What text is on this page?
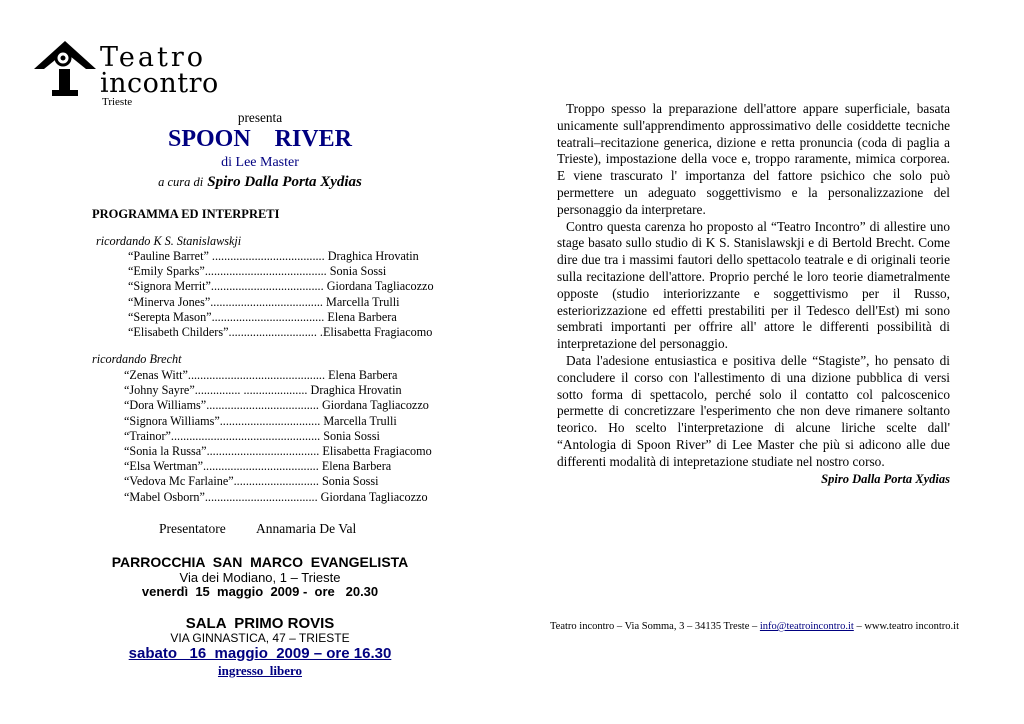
Teatro
incontro
Trieste
presenta
SPOON    RIVER
di Lee Master
a cura di Spiro Dalla Porta Xydias
PROGRAMMA ED INTERPRETI
ricordando K S. Stanislawskji
“Pauline Barret” ..................................... Draghica Hrovatin
“Emily Sparks”........................................ Sonia Sossi
“Signora Merrit”..................................... Giordana Tagliacozzo
“Minerva Jones”..................................... Marcella Trulli
“Serepta Mason”..................................... Elena Barbera
“Elisabeth Childers”............................. .Elisabetta Fragiacomo
ricordando Brecht
“Zenas Witt”............................................. Elena Barbera
“Johny Sayre”............... ..................... Draghica Hrovatin
“Dora Williams”..................................... Giordana Tagliacozzo
“Signora Williams”................................. Marcella Trulli
“Trainor”................................................. Sonia Sossi
“Sonia la Russa”..................................... Elisabetta Fragiacomo
“Elsa Wertman”...................................... Elena Barbera
“Vedova Mc Farlaine”............................ Sonia Sossi
“Mabel Osborn”..................................... Giordana Tagliacozzo
Presentatore Annamaria De Val
PARROCCHIA  SAN  MARCO  EVANGELISTA
Via dei Modiano, 1 – Trieste
venerdì  15  maggio  2009 -  ore   20.30
SALA  PRIMO ROVIS
VIA GINNASTICA, 47 – TRIESTE
sabato   16  maggio  2009 – ore 16.30
ingresso  libero

Troppo spesso la preparazione dell'attore appare superficiale, basata unicamente sull'apprendimento approssimativo delle cosiddette tecniche teatrali–recitazione generica, dizione e retta pronuncia (coda di paglia a Trieste), impostazione della voce e, troppo raramente, mimica corporea. E viene trascurato l' importanza del fattore psichico che solo può permettere un adeguato soggettivismo e la personalizzazione del personaggio da interpretare.

Contro questa carenza ho proposto al “Teatro Incontro” di allestire uno stage basato sullo studio di K S. Stanislawskji e di Bertold Brecht. Come dire due tra i massimi fautori dello spettacolo teatrale e di originali teorie sulla recitazione dell'attore. Proprio perché le loro teorie diametralmente opposte (studio interiorizzante e soggettivismo per il Russo, esteriorizzazione ed effetti prestabiliti per il Tedesco dell'Est) mi sono sembrati importanti per offrire all' attore le differenti possibilità di interpretazione del personaggio.

Data l'adesione entusiastica e positiva delle “Stagiste”, ho pensato di concludere il corso con l'allestimento di una dizione pubblica di versi sotto forma di spettacolo, perché solo il contatto col palcoscenico permette di concretizzare l'esperimento che non deve rimanere soltanto teorico. Ho scelto l'interpretazione di alcune liriche scelte dall' “Antologia di Spoon River” di Lee Master che più si adicono alle due differenti modalità di intepretazione studiate nel nostro corso.

Spiro Dalla Porta Xydias
Teatro incontro – Via Somma, 3 – 34135 Treste – info@teatroincontro.it – www.teatro incontro.it
